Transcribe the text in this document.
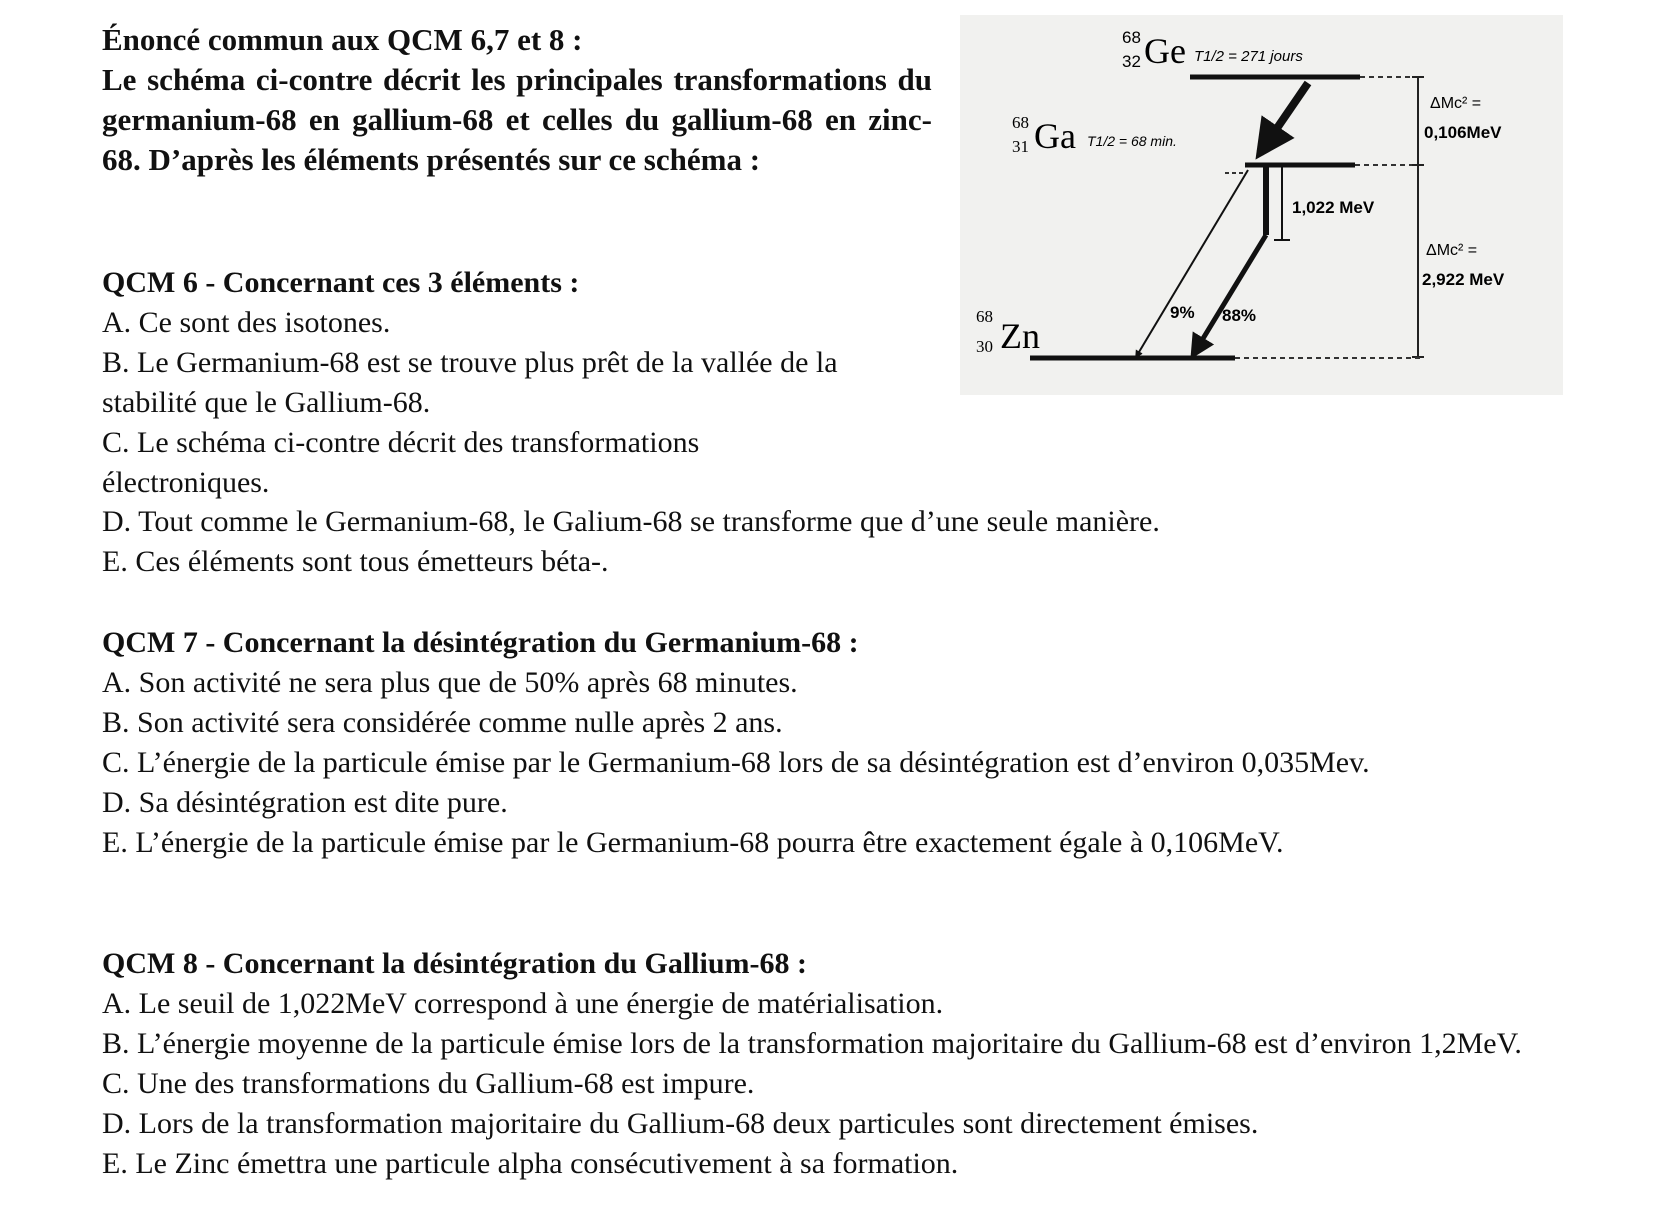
Énoncé commun aux QCM 6,7 et 8 :
Le schéma ci-contre décrit les principales transformations du germanium-68 en gallium-68 et celles du gallium-68 en zinc-68. D’après les éléments présentés sur ce schéma :
QCM 6 - Concernant ces 3 éléments :
A. Ce sont des isotones.
B. Le Germanium-68 est se trouve plus prêt de la vallée de la stabilité que le Gallium-68.
C. Le schéma ci-contre décrit des transformations électroniques.
D. Tout comme le Germanium-68, le Galium-68 se transforme que d’une seule manière.
E. Ces éléments sont tous émetteurs béta-.
QCM 7 - Concernant la désintégration du Germanium-68 :
A. Son activité ne sera plus que de 50% après 68 minutes.
B. Son activité sera considérée comme nulle après 2 ans.
C. L’énergie de la particule émise par le Germanium-68 lors de sa désintégration est d’environ 0,035Mev.
D. Sa désintégration est dite pure.
E. L’énergie de la particule émise par le Germanium-68 pourra être exactement égale à 0,106MeV.
QCM 8 - Concernant la désintégration du Gallium-68 :
A. Le seuil de 1,022MeV correspond à une énergie de matérialisation.
B. L’énergie moyenne de la particule émise lors de la transformation majoritaire du Gallium-68 est d’environ 1,2MeV.
C. Une des transformations du Gallium-68 est impure.
D. Lors de la transformation majoritaire du Gallium-68 deux particules sont directement émises.
E. Le Zinc émettra une particule alpha consécutivement à sa formation.
68
32 Ge T1/2 = 271 jours
68
31 Ga T1/2 = 68 min.
ΔMc² =
0,106MeV
ΔMc² =
2,922 MeV
1,022 MeV
9% 88%
68
30 Zn
